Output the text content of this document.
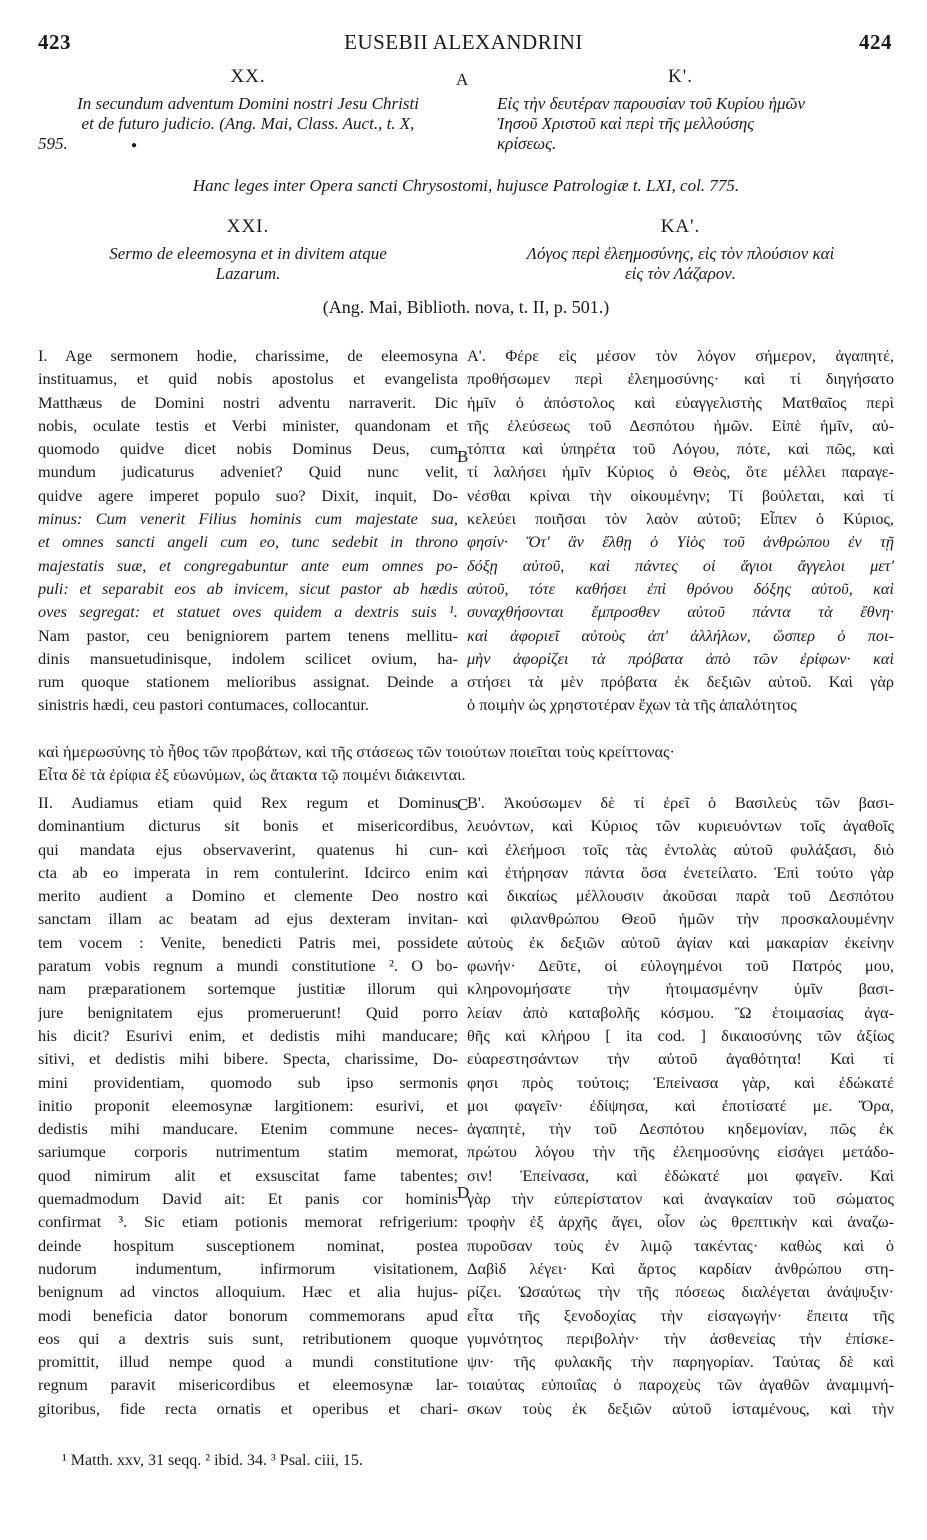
423	EUSEBII ALEXANDRINI	424
XX.	A	K'.
In secundum adventum Domini nostri Jesu Christi
et de futuro judicio. (Ang. Mai, Class. Auct., t. X,
595.
Εἰς τὴν δευτέραν παρουσίαν τοῦ Κυρίου ἡμῶν
Ἰησοῦ Χριστοῦ καὶ περὶ τῆς μελλούσης
κρίσεως.
●
Hanc leges inter Opera sancti Chrysostomi, hujusce Patrologiæ t. LXI, col. 775.
XXI.	KA'.
Sermo de eleemosyna et in divitem atque
Lazarum.
Λόγος περὶ ἐλεημοσύνης, εἰς τὸν πλούσιον καὶ
εἰς τὸν Λάζαρον.
(Ang. Mai, Biblioth. nova, t. II, p. 501.)
I. Age sermonem hodie, charissime, de eleemosyna
instituamus, et quid nobis apostolus et evangelista
Matthæus de Domini nostri adventu narraverit. Dic
nobis, oculate testis et Verbi minister, quandonam et
quomodo quidve dicet nobis Dominus Deus, cum
mundum judicaturus adveniet? Quid nunc velit,
quidve agere imperet populo suo? Dixit, inquit, Do-
minus: Cum venerit Filius hominis cum majestate sua,
et omnes sancti angeli cum eo, tunc sedebit in throno
majestatis suæ, et congregabuntur ante eum omnes po-
puli: et separabit eos ab invicem, sicut pastor ab hædis
oves segregat: et statuet oves quidem a dextris suis ¹.
Nam pastor, ceu benigniorem partem tenens mellitu-
dinis mansuetudinisque, indolem scilicet ovium, ha-
rum quoque stationem melioribus assignat. Deinde a
sinistris hædi, ceu pastori contumaces, collocantur.
B
A'. Φέρε εἰς μέσον τὸν λόγον σήμερον, ἀγαπητέ,
προθήσωμεν περὶ ἐλεημοσύνης· καὶ τί διηγήσατο
ἡμῖν ὁ ἀπόστολος καὶ εὐαγγελιστὴς Ματθαῖος περὶ
τῆς ἐλεύσεως τοῦ Δεσπότου ἡμῶν. Εἰπὲ ἡμῖν, αὐ-
τόπτα καὶ ὑπηρέτα τοῦ Λόγου, πότε, καὶ πῶς, καὶ
τί λαλήσει ἡμῖν Κύριος ὁ Θεὸς, ὅτε μέλλει παραγε-
νέσθαι κρίναι τὴν οἰκουμένην; Τί βούλεται, καὶ τί
κελεύει ποιῆσαι τὸν λαὸν αὐτοῦ; Εἶπεν ὁ Κύριος,
φησίν· Ὅτ' ἂν ἔλθῃ ὁ Υἱὸς τοῦ ἀνθρώπου ἐν τῇ
δόξῃ αὐτοῦ, καὶ πάντες οἱ ἅγιοι ἄγγελοι μετ'
αὐτοῦ, τότε καθήσει ἐπὶ θρόνου δόξης αὐτοῦ, καὶ
συναχθήσονται ἔμπροσθεν αὐτοῦ πάντα τὰ ἔθνη·
καὶ ἀφοριεῖ αὐτοὺς ἀπ' ἀλλήλων, ὥσπερ ὁ ποι-
μὴν ἀφορίζει τὰ πρόβατα ἀπὸ τῶν ἐρίφων· καὶ
στήσει τὰ μὲν πρόβατα ἐκ δεξιῶν αὐτοῦ. Καὶ γὰρ
ὁ ποιμὴν ὡς χρηστοτέραν ἔχων τὰ τῆς ἁπαλότητος
καὶ ἡμερωσύνης τὸ ἦθος τῶν προβάτων, καὶ τῆς στάσεως τῶν τοιούτων ποιεῖται τοὺς κρείττονας·
Εἶτα δὲ τὰ ἐρίφια ἐξ εὐωνύμων, ὡς ἄτακτα τῷ ποιμένι διάκεινται.
II. Audiamus etiam quid Rex regum et Dominus
dominantium dicturus sit bonis et misericordibus,
qui mandata ejus observaverint, quatenus hi cun-
cta ab eo imperata in rem contulerint. Idcirco enim
merito audient a Domino et clemente Deo nostro
sanctam illam ac beatam ad ejus dexteram invitan-
tem vocem : Venite, benedicti Patris mei, possidete
paratum vobis regnum a mundi constitutione ². O bo-
nam præparationem sortemque justitiæ illorum qui
jure benignitatem ejus promeruerunt! Quid porro
his dicit? Esurivi enim, et dedistis mihi manducare;
sitivi, et dedistis mihi bibere. Specta, charissime, Do-
mini providentiam, quomodo sub ipso sermonis
initio proponit eleemosynæ largitionem: esurivi, et
dedistis mihi manducare. Etenim commune neces-
sariumque corporis nutrimentum statim memorat,
quod nimirum alit et exsuscitat fame tabentes;
quemadmodum David ait: Et panis cor hominis
confirmat ³. Sic etiam potionis memorat refrigerium:
deinde hospitum susceptionem nominat, postea
nudorum indumentum, infirmorum visitationem,
benignum ad vinctos alloquium. Hæc et alia hujus-
modi beneficia dator bonorum commemorans apud
eos qui a dextris suis sunt, retributionem quoque
promittit, illud nempe quod a mundi constitutione
regnum paravit misericordibus et eleemosynæ lar-
gitoribus, fide recta ornatis et operibus et chari-
C
D
B'. Ἀκούσωμεν δὲ τί ἐρεῖ ὁ Βασιλεὺς τῶν βασι-
λευόντων, καὶ Κύριος τῶν κυριευόντων τοῖς ἀγαθοῖς
καὶ ἐλεήμοσι τοῖς τὰς ἐντολὰς αὐτοῦ φυλάξασι, διὸ
καὶ ἐτήρησαν πάντα ὅσα ἐνετείλατο. Ἐπὶ τούτο γὰρ
καὶ δικαίως μέλλουσιν ἀκοῦσαι παρὰ τοῦ Δεσπότου
καὶ φιλανθρώπου Θεοῦ ἡμῶν τὴν προσκαλουμένην
αὐτοὺς ἐκ δεξιῶν αὐτοῦ ἁγίαν καὶ μακαρίαν ἐκείνην
φωνήν· Δεῦτε, οἱ εὐλογημένοι τοῦ Πατρός μου,
κληρονομήσατε τὴν ἡτοιμασμένην ὑμῖν βασι-
λείαν ἀπὸ καταβολῆς κόσμου. Ὢ ἑτοιμασίας ἀγα-
θῆς καὶ κλήρου [ ita cod. ] δικαιοσύνης τῶν ἀξίως
εὐαρεστησάντων τὴν αὐτοῦ ἀγαθότητα! Καὶ τί
φησι πρὸς τούτοις; Ἐπείνασα γὰρ, καὶ ἐδώκατέ
μοι φαγεῖν· ἐδίψησα, καὶ ἐποτίσατέ με. Ὅρα,
ἀγαπητὲ, τὴν τοῦ Δεσπότου κηδεμονίαν, πῶς ἐκ
πρώτου λόγου τὴν τῆς ἐλεημοσύνης εἰσάγει μετάδο-
σιν! Ἐπείνασα, καὶ ἐδώκατέ μοι φαγεῖν. Καὶ
γὰρ τὴν εὐπερίστατον καὶ ἀναγκαίαν τοῦ σώματος
τροφὴν ἐξ ἀρχῆς ἄγει, οἷον ὡς θρεπτικὴν καὶ ἀναζω-
πυροῦσαν τοὺς ἐν λιμῷ τακέντας· καθὼς καὶ ὁ
Δαβὶδ λέγει· Καὶ ἄρτος καρδίαν ἀνθρώπου στη-
ρίζει. Ὡσαύτως τὴν τῆς πόσεως διαλέγεται ἀνάψυξιν·
εἶτα τῆς ξενοδοχίας τὴν εἰσαγωγήν· ἔπειτα τῆς
γυμνότητος περιβολὴν· τὴν ἀσθενείας τὴν ἐπίσκε-
ψιν· τῆς φυλακῆς τὴν παρηγορίαν. Ταύτας δὲ καὶ
τοιαύτας εὐποιΐας ὁ παροχεὺς τῶν ἀγαθῶν ἀναμιμνή-
σκων τοὺς ἐκ δεξιῶν αὐτοῦ ἱσταμένους, καὶ τὴν
¹ Matth. xxv, 31 seqq. ² ibid. 34. ³ Psal. ciii, 15.
